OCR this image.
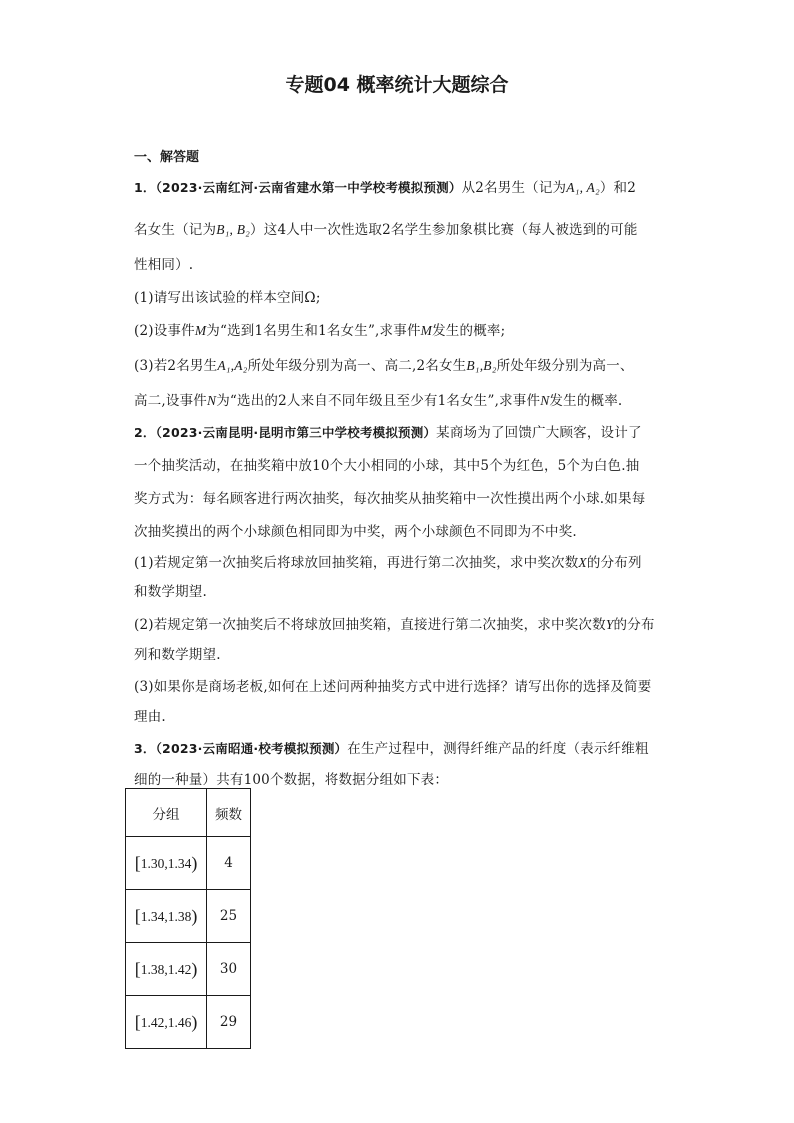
专题04 概率统计大题综合
一、解答题
1．（2023·云南红河·云南省建水第一中学校考模拟预测）从2名男生（记为A₁, A₂）和2
名女生（记为B₁, B₂）这4人中一次性选取2名学生参加象棋比赛（每人被选到的可能
性相同）.
(1)请写出该试验的样本空间Ω;
(2)设事件M为“选到1名男生和1名女生”,求事件M发生的概率;
(3)若2名男生A₁,A₂所处年级分别为高一、高二,2名女生B₁,B₂所处年级分别为高一、
高二,设事件N为“选出的2人来自不同年级且至少有1名女生”,求事件N发生的概率.
2．（2023·云南昆明·昆明市第三中学校考模拟预测）某商场为了回馈广大顾客，设计了
一个抽奖活动，在抽奖箱中放10个大小相同的小球，其中5个为红色，5个为白色.抽
奖方式为：每名顾客进行两次抽奖，每次抽奖从抽奖箱中一次性摸出两个小球.如果每
次抽奖摸出的两个小球颜色相同即为中奖，两个小球颜色不同即为不中奖.
(1)若规定第一次抽奖后将球放回抽奖箱，再进行第二次抽奖，求中奖次数X的分布列
和数学期望.
(2)若规定第一次抽奖后不将球放回抽奖箱，直接进行第二次抽奖，求中奖次数Y的分布
列和数学期望.
(3)如果你是商场老板,如何在上述问两种抽奖方式中进行选择？请写出你的选择及简要
理由.
3．（2023·云南昭通·校考模拟预测）在生产过程中，测得纤维产品的纤度（表示纤维粗
细的一种量）共有100个数据，将数据分组如下表：
分组	频数
[1.30,1.34)	4
[1.34,1.38)	25
[1.38,1.42)	30
[1.42,1.46)	29
